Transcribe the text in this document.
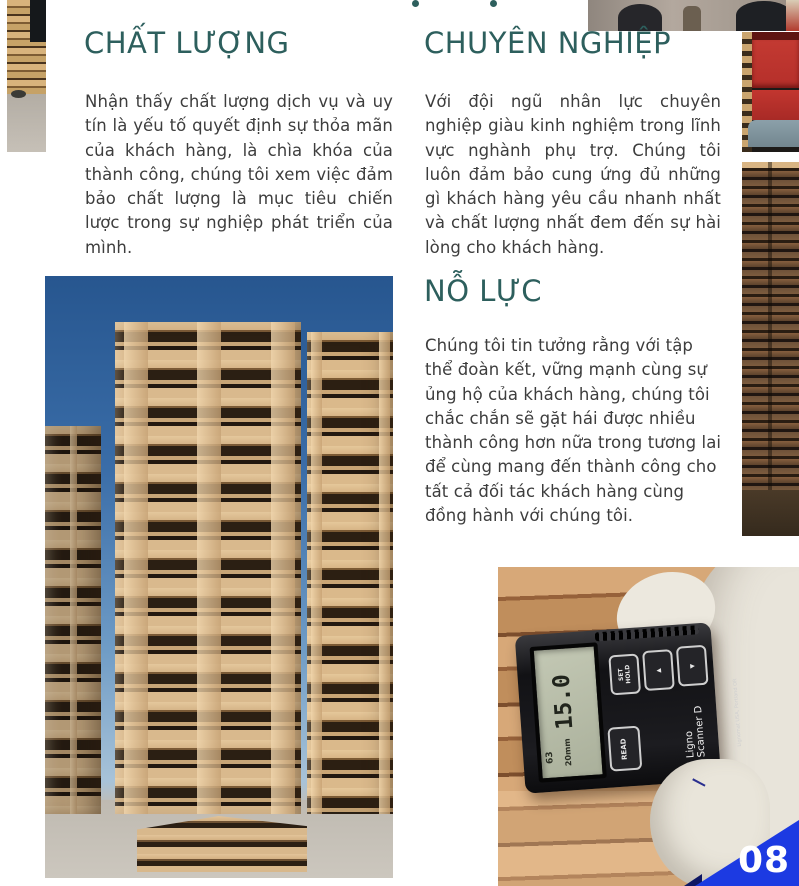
CHẤT LƯỢNG

Nhận thấy chất lượng dịch vụ và uy tín là yếu tố quyết định sự thỏa mãn của khách hàng, là chìa khóa của thành công, chúng tôi xem việc đảm bảo chất lượng là mục tiêu chiến lược trong sự nghiệp phát triển của mình.

CHUYÊN NGHIỆP

Với đội ngũ nhân lực chuyên nghiệp giàu kinh nghiệm trong lĩnh vực nghành phụ trợ. Chúng tôi luôn đảm bảo cung ứng đủ những gì khách hàng yêu cầu nhanh nhất và chất lượng nhất đem đến sự hài lòng cho khách hàng.

NỖ LỰC

Chúng tôi tin tưởng rằng với tập thể đoàn kết, vững mạnh cùng sự ủng hộ của khách hàng, chúng tôi chắc chắn sẽ gặt hái được nhiều thành công hơn nữa trong tương lai để cùng mang đến thành công cho tất cả đối tác khách hàng cùng đồng hành với chúng tôi.

15.0
63 20mm
SET HOLD	▲
▼
READ	Ligno Scanner D	Lignomat USA, Portland OR
08
